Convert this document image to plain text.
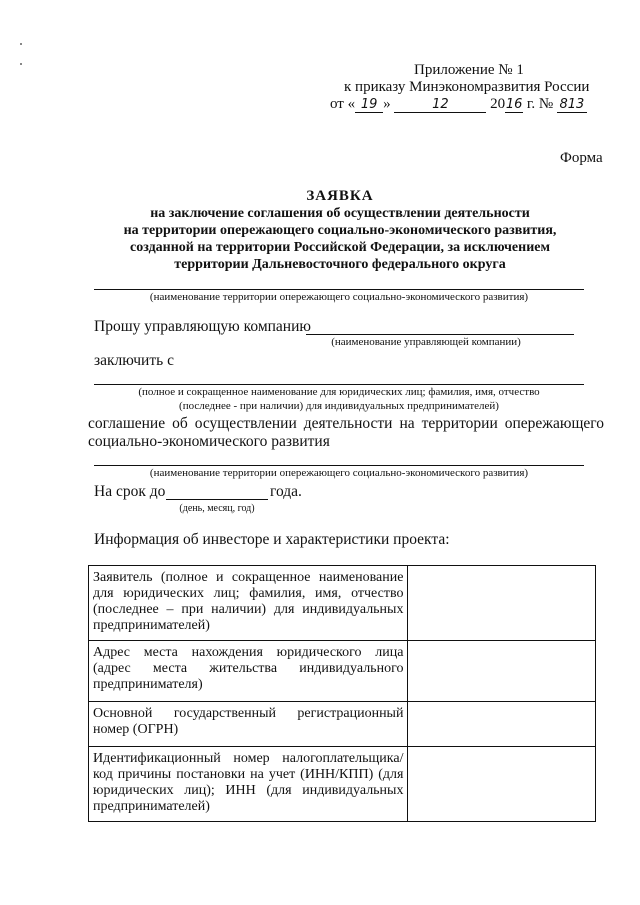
Приложение № 1
к приказу Минэкономразвития России
от « 19 »	12	2016 г. № 813
Форма
ЗАЯВКА
на заключение соглашения об осуществлении деятельности
на территории опережающего социально-экономического развития,
созданной на территории Российской Федерации, за исключением
территории Дальневосточного федерального округа
(наименование территории опережающего социально-экономического развития)
Прошу управляющую компанию
(наименование управляющей компании)
заключить с
(полное и сокращенное наименование для юридических лиц; фамилия, имя, отчество
(последнее - при наличии) для индивидуальных предпринимателей)
соглашение об осуществлении деятельности на территории опережающего
социально-экономического развития
(наименование территории опережающего социально-экономического развития)
На срок до	года.
(день, месяц, год)
Информация об инвесторе и характеристики проекта:
Заявитель (полное и сокращенное наименование для юридических лиц; фамилия, имя, отчество (последнее – при наличии) для индивидуальных предпринимателей)	
Адрес места нахождения юридического лица (адрес места жительства индивидуального предпринимателя)	
Основной государственный регистрационный номер (ОГРН)	
Идентификационный номер налогоплательщика/код причины постановки на учет (ИНН/КПП) (для юридических лиц); ИНН (для индивидуальных предпринимателей)	
